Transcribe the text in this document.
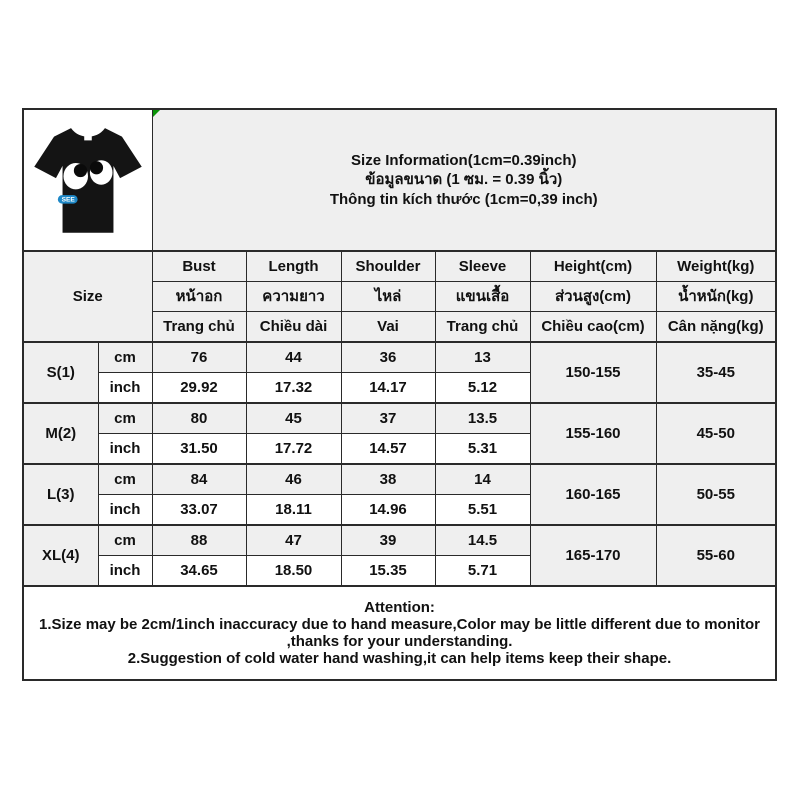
SEE		Size Information(1cm=0.39inch)
ข้อมูลขนาด (1 ซม. = 0.39 นิ้ว)
Thông tin kích thước (1cm=0,39 inch)					

Size		Bust	Length	Shoulder	Sleeve	Height(cm)	Weight(kg)
		หน้าอก	ความยาว	ไหล่	แขนเสื้อ	ส่วนสูง(cm)	น้ำหนัก(kg)
		Trang chủ	Chiều dài	Vai	Trang chủ	Chiều cao(cm)	Cân nặng(kg)
S(1)	cm	76	44	36	13	150-155	35-45
	inch	29.92	17.32	14.17	5.12		
M(2)	cm	80	45	37	13.5	155-160	45-50
	inch	31.50	17.72	14.57	5.31		
L(3)	cm	84	46	38	14	160-165	50-55
	inch	33.07	18.11	14.96	5.51		
XL(4)	cm	88	47	39	14.5	165-170	55-60
	inch	34.65	18.50	15.35	5.71		

Attention:
1.Size may be 2cm/1inch inaccuracy due to hand measure,Color may be little different due to monitor
,thanks for your understanding.
2.Suggestion of cold water hand washing,it can help items keep their shape.							
